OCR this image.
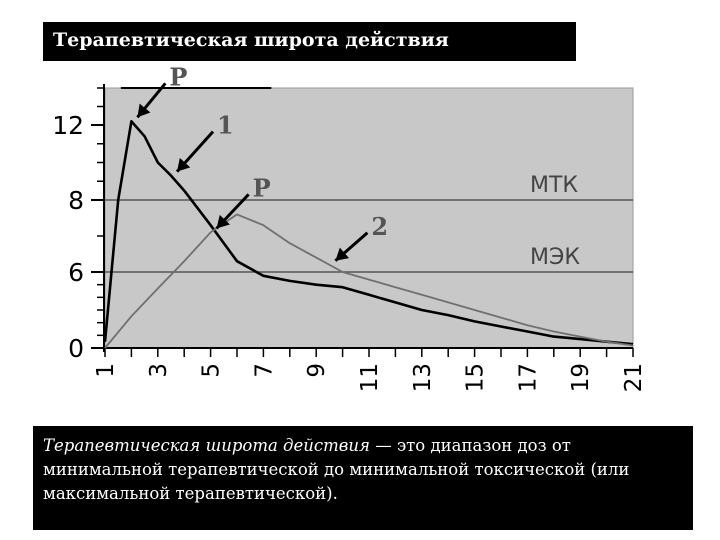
Терапевтическая широта действия
МТК
МЭК
0
6
8
12
1 3 5 7 9 11 13 15 17 19 21
P
1
P
2
Терапевтическая широта действия — это диапазон доз от минимальной терапевтической до минимальной токсической (или максимальной терапевтической).
